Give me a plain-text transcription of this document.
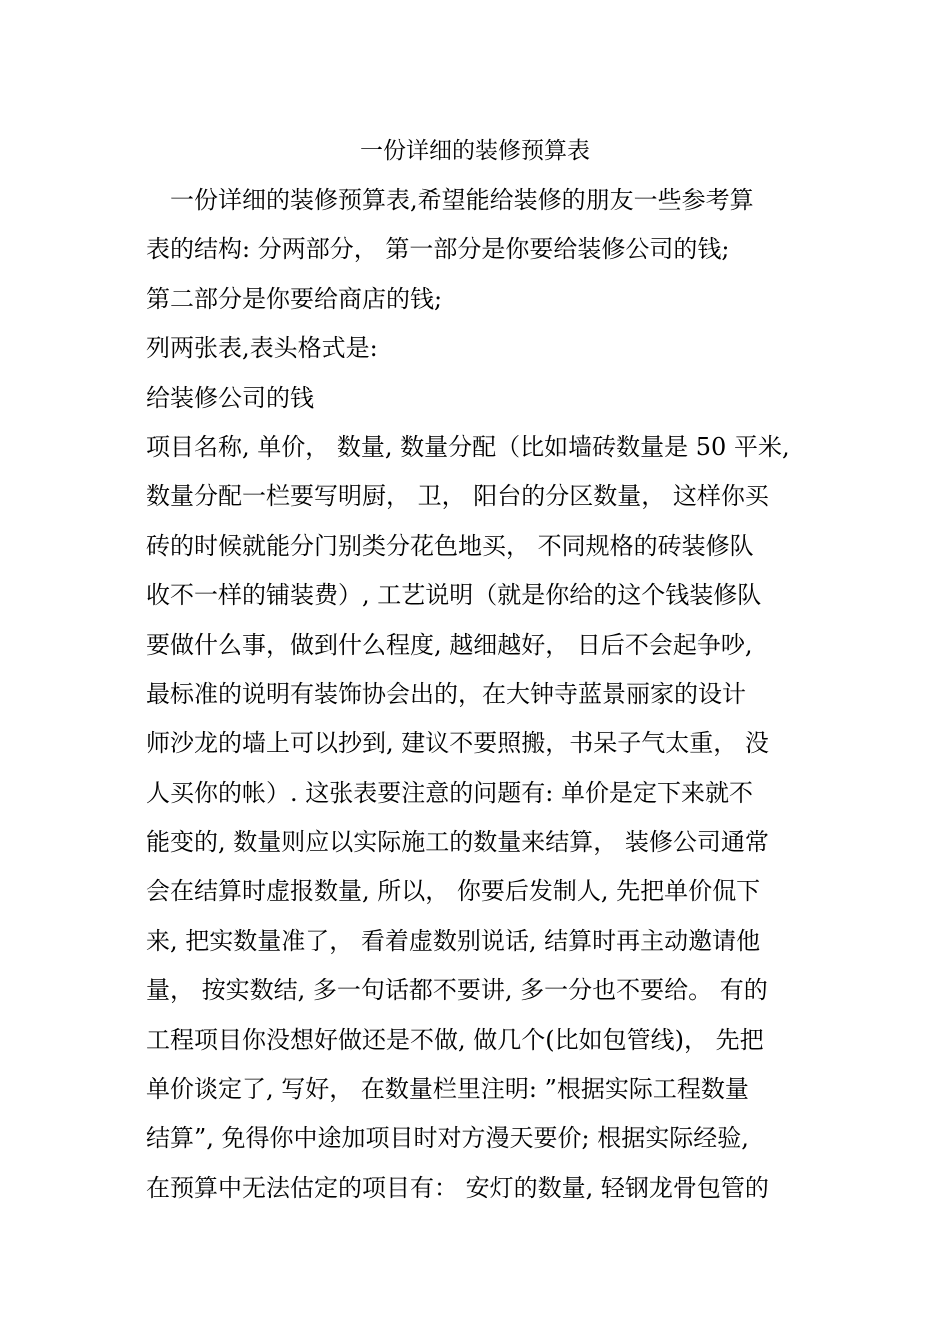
一份详细的装修预算表
一份详细的装修预算表,希望能给装修的朋友一些参考算
表的结构: 分两部分， 第一部分是你要给装修公司的钱;
第二部分是你要给商店的钱;
列两张表,表头格式是:
给装修公司的钱
项目名称, 单价， 数量, 数量分配（比如墙砖数量是 50 平米,
数量分配一栏要写明厨， 卫， 阳台的分区数量， 这样你买
砖的时候就能分门别类分花色地买， 不同规格的砖装修队
收不一样的铺装费）, 工艺说明（就是你给的这个钱装修队
要做什么事，做到什么程度, 越细越好， 日后不会起争吵,
最标准的说明有装饰协会出的，在大钟寺蓝景丽家的设计
师沙龙的墙上可以抄到, 建议不要照搬，书呆子气太重， 没
人买你的帐）. 这张表要注意的问题有: 单价是定下来就不
能变的, 数量则应以实际施工的数量来结算， 装修公司通常
会在结算时虚报数量, 所以， 你要后发制人, 先把单价侃下
来, 把实数量准了， 看着虚数别说话, 结算时再主动邀请他
量， 按实数结, 多一句话都不要讲, 多一分也不要给。 有的
工程项目你没想好做还是不做, 做几个(比如包管线)， 先把
单价谈定了, 写好， 在数量栏里注明: ”根据实际工程数量
结算”, 免得你中途加项目时对方漫天要价; 根据实际经验,
在预算中无法估定的项目有： 安灯的数量, 轻钢龙骨包管的
